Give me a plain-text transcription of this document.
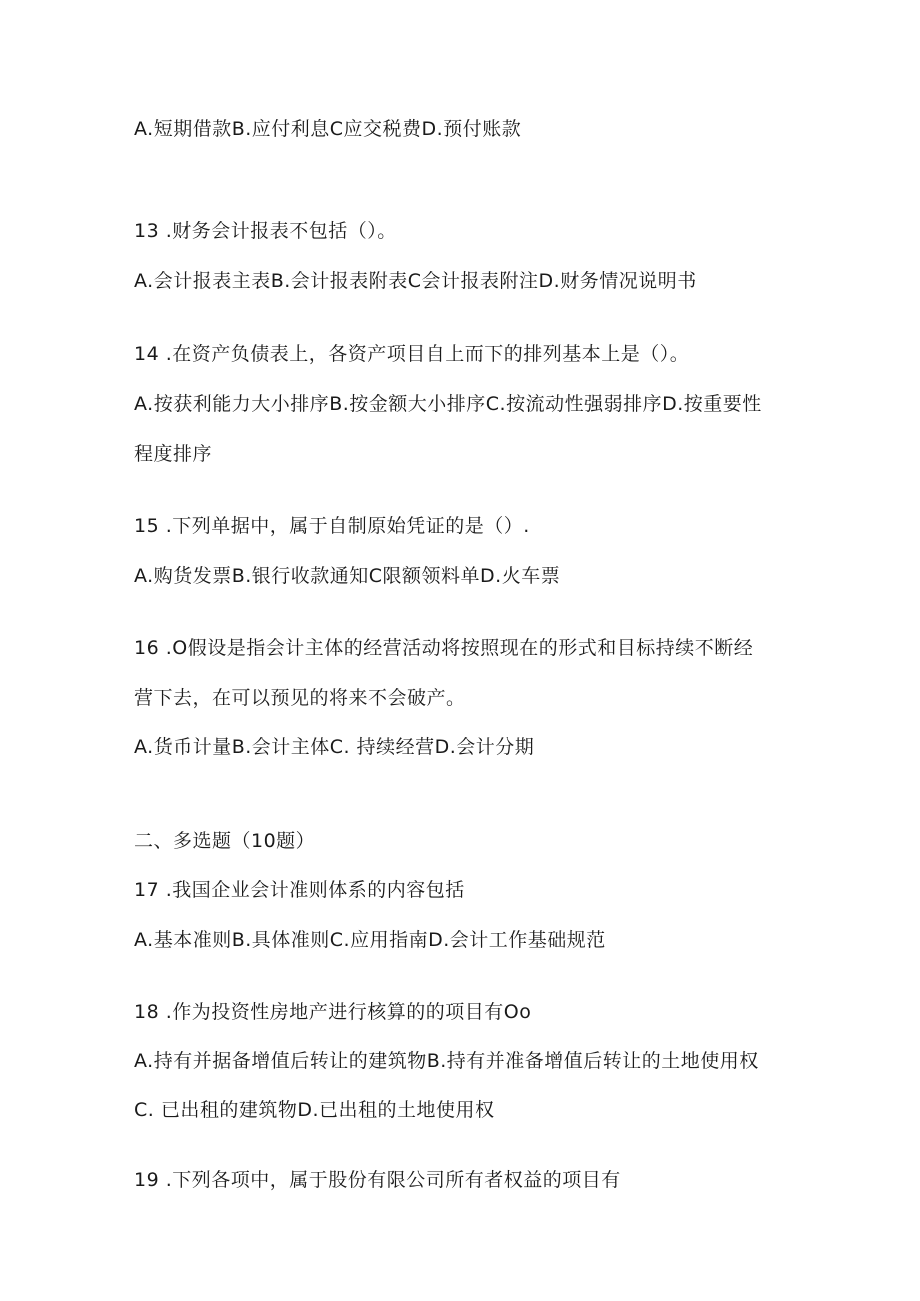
A.短期借款B.应付利息C应交税费D.预付账款
13 .财务会计报表不包括（）。
A.会计报表主表B.会计报表附表C会计报表附注D.财务情况说明书
14 .在资产负债表上，各资产项目自上而下的排列基本上是（）。
A.按获利能力大小排序B.按金额大小排序C.按流动性强弱排序D.按重要性
程度排序
15 .下列单据中，属于自制原始凭证的是（）.
A.购货发票B.银行收款通知C限额领料单D.火车票
16 .O假设是指会计主体的经营活动将按照现在的形式和目标持续不断经
营下去，在可以预见的将来不会破产。
A.货币计量B.会计主体C. 持续经营D.会计分期
二、多选题（10题）
17 .我国企业会计准则体系的内容包括
A.基本准则B.具体准则C.应用指南D.会计工作基础规范
18 .作为投资性房地产进行核算的的项目有Oo
A.持有并据备增值后转让的建筑物B.持有并准备增值后转让的土地使用权
C. 已出租的建筑物D.已出租的土地使用权
19 .下列各项中，属于股份有限公司所有者权益的项目有
